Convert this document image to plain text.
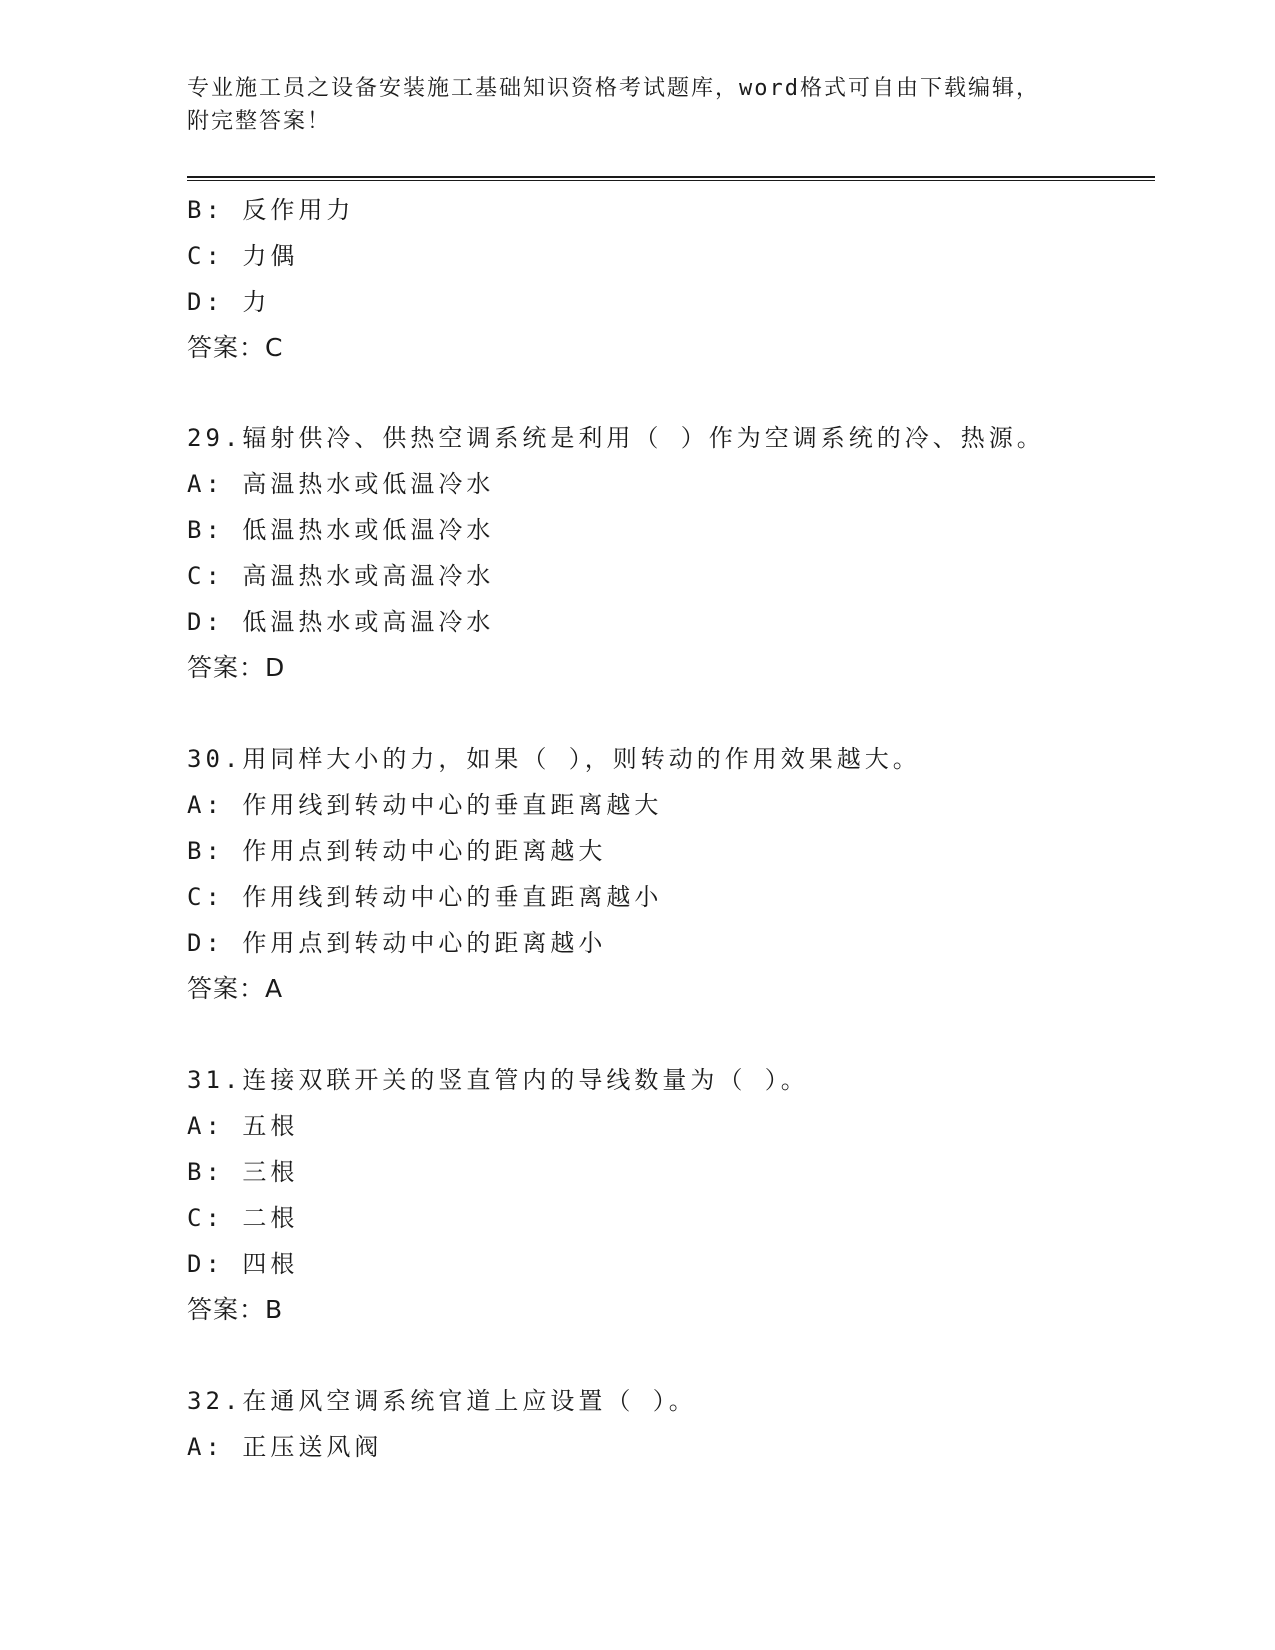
专业施工员之设备安装施工基础知识资格考试题库，word格式可自由下载编辑，
附完整答案！
B: 反作用力
C: 力偶
D: 力
答案：C
29.辐射供冷、供热空调系统是利用（ ）作为空调系统的冷、热源。
A: 高温热水或低温冷水
B: 低温热水或低温冷水
C: 高温热水或高温冷水
D: 低温热水或高温冷水
答案：D
30.用同样大小的力，如果（ ），则转动的作用效果越大。
A: 作用线到转动中心的垂直距离越大
B: 作用点到转动中心的距离越大
C: 作用线到转动中心的垂直距离越小
D: 作用点到转动中心的距离越小
答案：A
31.连接双联开关的竖直管内的导线数量为（ ）。
A: 五根
B: 三根
C: 二根
D: 四根
答案：B
32.在通风空调系统官道上应设置（ ）。
A: 正压送风阀
